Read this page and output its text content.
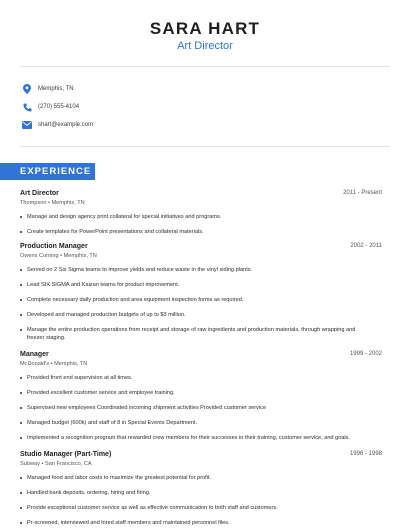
SARA HART
Art Director
Memphis, TN
(270) 555-4104
shart@example.com
EXPERIENCE
Art Director	2011 - Present
Thompson • Memphis, TN
Manage and design agency print collateral for special initiatives and programs.
Create templates for PowerPoint presentations and collateral materials.
Production Manager	2002 - 2011
Owens Corning • Memphis, TN
Served on 2 Six Sigma teams to improve yields and reduce waste in the vinyl siding plants.
Lead SIX SIGMA and Kaizan teams for product improvement.
Complete necessary daily production and area equipment inspection forms as required.
Developed and managed production budgets of up to $3 million.
Manage the entire production operations from receipt and storage of raw ingredients and production materials, through wrapping and freezer staging.
Manager	1999 - 2002
McDonald's • Memphis, TN
Provided front end supervision at all times.
Provided excellent customer service and employee training.
Supervised new employees Coordinated incoming shipment activities Provided customer service
Managed budget (600k) and staff of 8 in Special Events Department.
Implemented a recognition program that rewarded crew members for their successes in their training, customer service, and goals.
Studio Manager (Part-Time)	1996 - 1998
Subway • San Francisco, CA
Managed food and labor costs to maximize the greatest potential for profit.
Handled bank deposits, ordering, hiring and firing.
Provide exceptional customer service as well as effective communication to both staff and customers.
Pr-screened, interviewed and hired staff members and maintained personnel files.
